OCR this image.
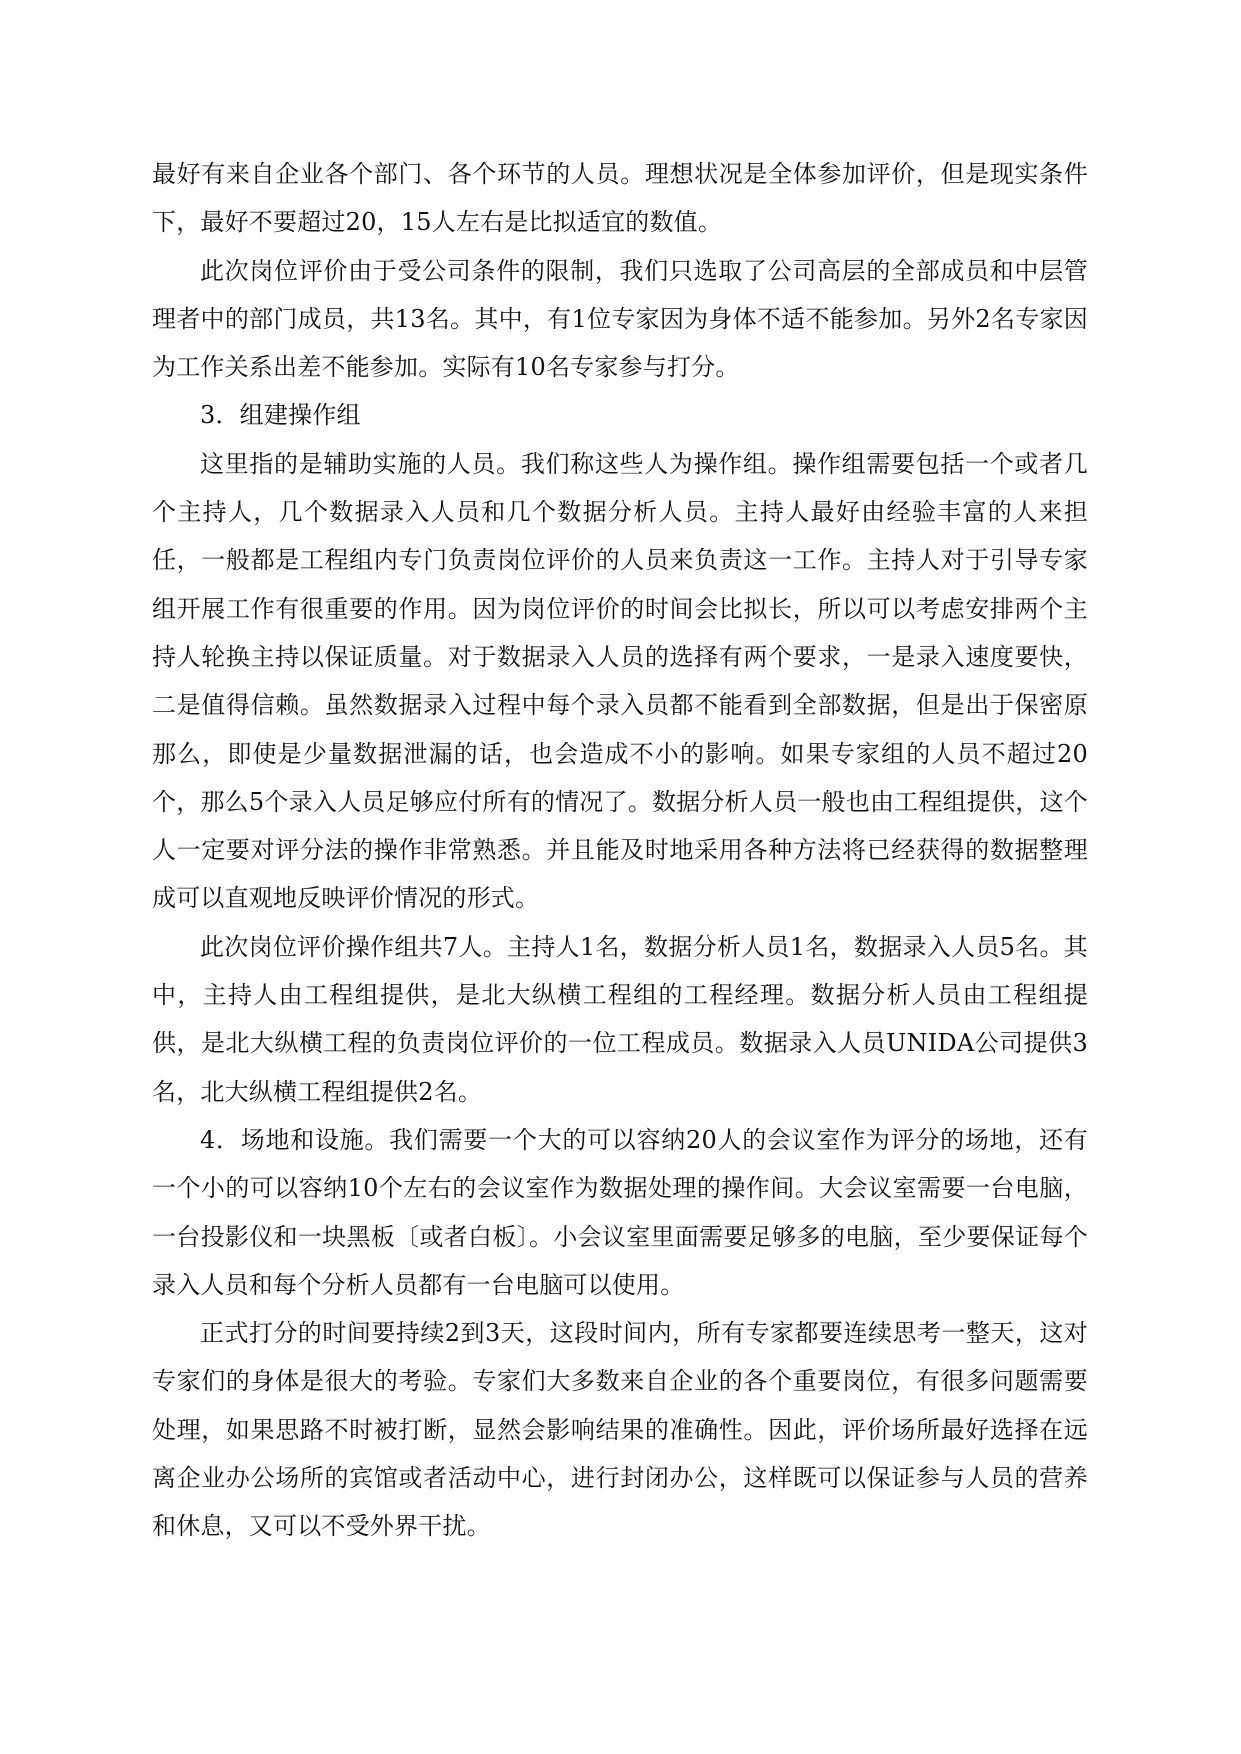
最好有来自企业各个部门、各个环节的人员。理想状况是全体参加评价，但是现实条件下，最好不要超过20，15人左右是比拟适宜的数值。

此次岗位评价由于受公司条件的限制，我们只选取了公司高层的全部成员和中层管理者中的部门成员，共13名。其中，有1位专家因为身体不适不能参加。另外2名专家因为工作关系出差不能参加。实际有10名专家参与打分。

3．组建操作组

这里指的是辅助实施的人员。我们称这些人为操作组。操作组需要包括一个或者几个主持人，几个数据录入人员和几个数据分析人员。主持人最好由经验丰富的人来担任，一般都是工程组内专门负责岗位评价的人员来负责这一工作。主持人对于引导专家组开展工作有很重要的作用。因为岗位评价的时间会比拟长，所以可以考虑安排两个主持人轮换主持以保证质量。对于数据录入人员的选择有两个要求，一是录入速度要快，二是值得信赖。虽然数据录入过程中每个录入员都不能看到全部数据，但是出于保密原那么，即使是少量数据泄漏的话，也会造成不小的影响。如果专家组的人员不超过20个，那么5个录入人员足够应付所有的情况了。数据分析人员一般也由工程组提供，这个人一定要对评分法的操作非常熟悉。并且能及时地采用各种方法将已经获得的数据整理成可以直观地反映评价情况的形式。

此次岗位评价操作组共7人。主持人1名，数据分析人员1名，数据录入人员5名。其中，主持人由工程组提供，是北大纵横工程组的工程经理。数据分析人员由工程组提供，是北大纵横工程的负责岗位评价的一位工程成员。数据录入人员UNIDA公司提供3名，北大纵横工程组提供2名。

4．场地和设施。我们需要一个大的可以容纳20人的会议室作为评分的场地，还有一个小的可以容纳10个左右的会议室作为数据处理的操作间。大会议室需要一台电脑，一台投影仪和一块黑板〔或者白板〕。小会议室里面需要足够多的电脑，至少要保证每个录入人员和每个分析人员都有一台电脑可以使用。

正式打分的时间要持续2到3天，这段时间内，所有专家都要连续思考一整天，这对专家们的身体是很大的考验。专家们大多数来自企业的各个重要岗位，有很多问题需要处理，如果思路不时被打断，显然会影响结果的准确性。因此，评价场所最好选择在远离企业办公场所的宾馆或者活动中心，进行封闭办公，这样既可以保证参与人员的营养和休息，又可以不受外界干扰。
